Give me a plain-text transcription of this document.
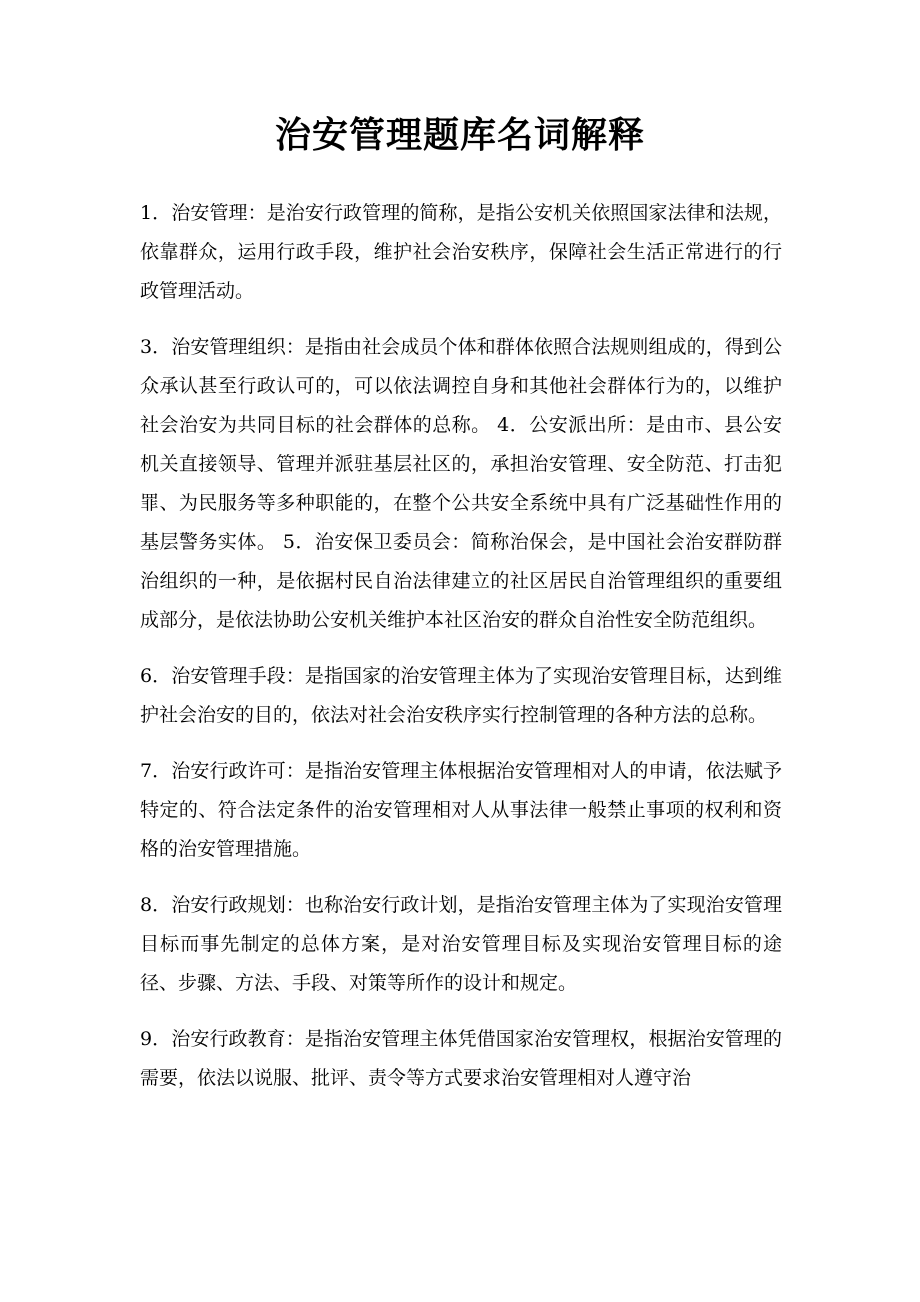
治安管理题库名词解释

1．治安管理：是治安行政管理的简称，是指公安机关依照国家法律和法规，依靠群众，运用行政手段，维护社会治安秩序，保障社会生活正常进行的行政管理活动。

3．治安管理组织：是指由社会成员个体和群体依照合法规则组成的，得到公众承认甚至行政认可的，可以依法调控自身和其他社会群体行为的，以维护社会治安为共同目标的社会群体的总称。 4．公安派出所：是由市、县公安机关直接领导、管理并派驻基层社区的，承担治安管理、安全防范、打击犯罪、为民服务等多种职能的，在整个公共安全系统中具有广泛基础性作用的基层警务实体。 5．治安保卫委员会：简称治保会，是中国社会治安群防群治组织的一种，是依据村民自治法律建立的社区居民自治管理组织的重要组成部分，是依法协助公安机关维护本社区治安的群众自治性安全防范组织。

6．治安管理手段：是指国家的治安管理主体为了实现治安管理目标，达到维护社会治安的目的，依法对社会治安秩序实行控制管理的各种方法的总称。

7．治安行政许可：是指治安管理主体根据治安管理相对人的申请，依法赋予特定的、符合法定条件的治安管理相对人从事法律一般禁止事项的权利和资格的治安管理措施。

8．治安行政规划：也称治安行政计划，是指治安管理主体为了实现治安管理目标而事先制定的总体方案，是对治安管理目标及实现治安管理目标的途径、步骤、方法、手段、对策等所作的设计和规定。

9．治安行政教育：是指治安管理主体凭借国家治安管理权，根据治安管理的需要，依法以说服、批评、责令等方式要求治安管理相对人遵守治
